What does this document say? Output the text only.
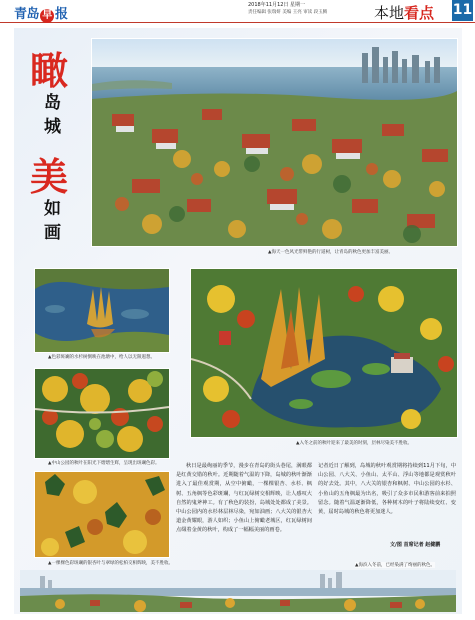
青岛 早 报
2018年11月12日 星期一
责任编辑 张瑞妍 美编 王亮 审读 段玉腾	本地看点 11
瞰
岛
城
美
如
画
▲海天一色风光带鲜艳的行道树，让青岛的秋色更加丰富美丽。
▲色彩斑斓的水杉树倒映在池塘中，给人以无限遐想。
▲中山公园的秋叶在阳光下熠熠生辉，呈现出斑斓色彩。
▲一棵棵色彩斑斓的银杏叶与翠绿的松柏交相辉映，美不胜收。
▲入冬之前的秋叶迎来了最美的时刻，层林尽染美不胜收。
秋日是最绚丽的季节，漫步在青岛的街头巷尾，满眼都是红黄交错的秋叶。近期随着气温的下降，岛城的秋叶渐渐进入了最佳观赏期，从空中俯瞰，一棵棵银杏、水杉、枫树、五角枫等色彩斑斓，与红瓦绿树交相辉映，让人感叹大自然的鬼斧神工。有了秋色的装扮，岛城处处都成了美景。中山公园内的水杉林层林尽染，宛如油画；八大关的银杏大道金黄耀眼，游人如织；小鱼山上俯瞰老城区，红瓦绿树间点缀着金黄的秋叶，构成了一幅幅美丽的画卷。
记者近日了解到，岛城的秋叶观赏期将持续到11月下旬，中山公园、八大关、小鱼山、太平山、浮山等地都是观赏秋叶的好去处。其中，八大关的银杏和枫树、中山公园的水杉、小鱼山的五角枫最为出名，吸引了众多市民和游客前来拍照留念。随着气温逐渐降低，各种树木的叶子将陆续变红、变黄，届时岛城的秋色将更加迷人。
文/图 首席记者 赵健鹏
▲海滨入冬前，已经染满了绚丽的秋色。
